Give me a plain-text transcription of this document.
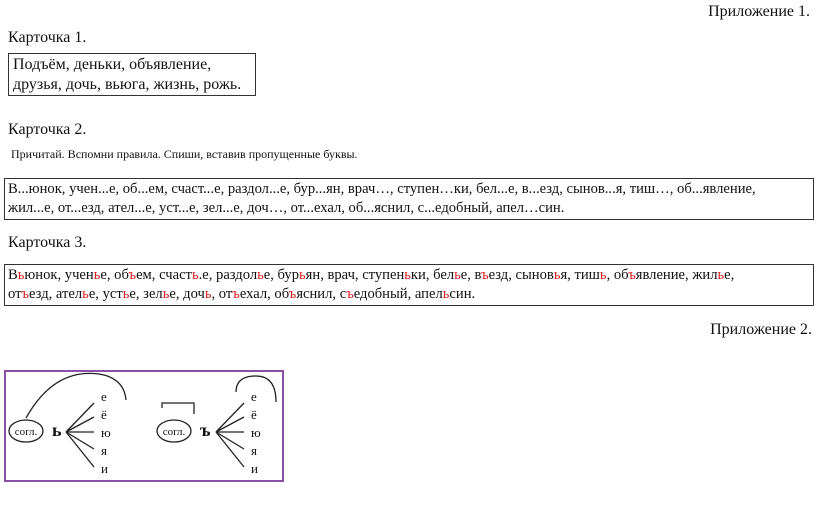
Приложение 1.
Карточка 1.
Подъём, деньки, объявление,
друзья, дочь, вьюга, жизнь, рожь.
Карточка 2.
Причитай. Вспомни правила. Спиши, вставив пропущенные буквы.
В...юнок, учен...е, об...ем, счаст...е, раздол...е, бур...ян, врач…, ступен…ки, бел...е, в...езд, сынов...я, тиш…, об...явление,
жил...е, от...езд, ател...е, уст...е, зел...е, доч…, от...ехал, об...яснил, с...едобный, апел…син.
Карточка 3.
Вьюнок, ученье, объем, счасть.е, раздолье, бурьян, врач, ступеньки, белье, въезд, сыновья, тишь, объявление, жилье,
отъезд, ателье, устье, зелье, дочь, отъехал, объяснил, съедобный, апельсин.
Приложение 2.
согл. ь
е
ё
ю
я
и
согл. ъ
е
ё
ю
я
и
